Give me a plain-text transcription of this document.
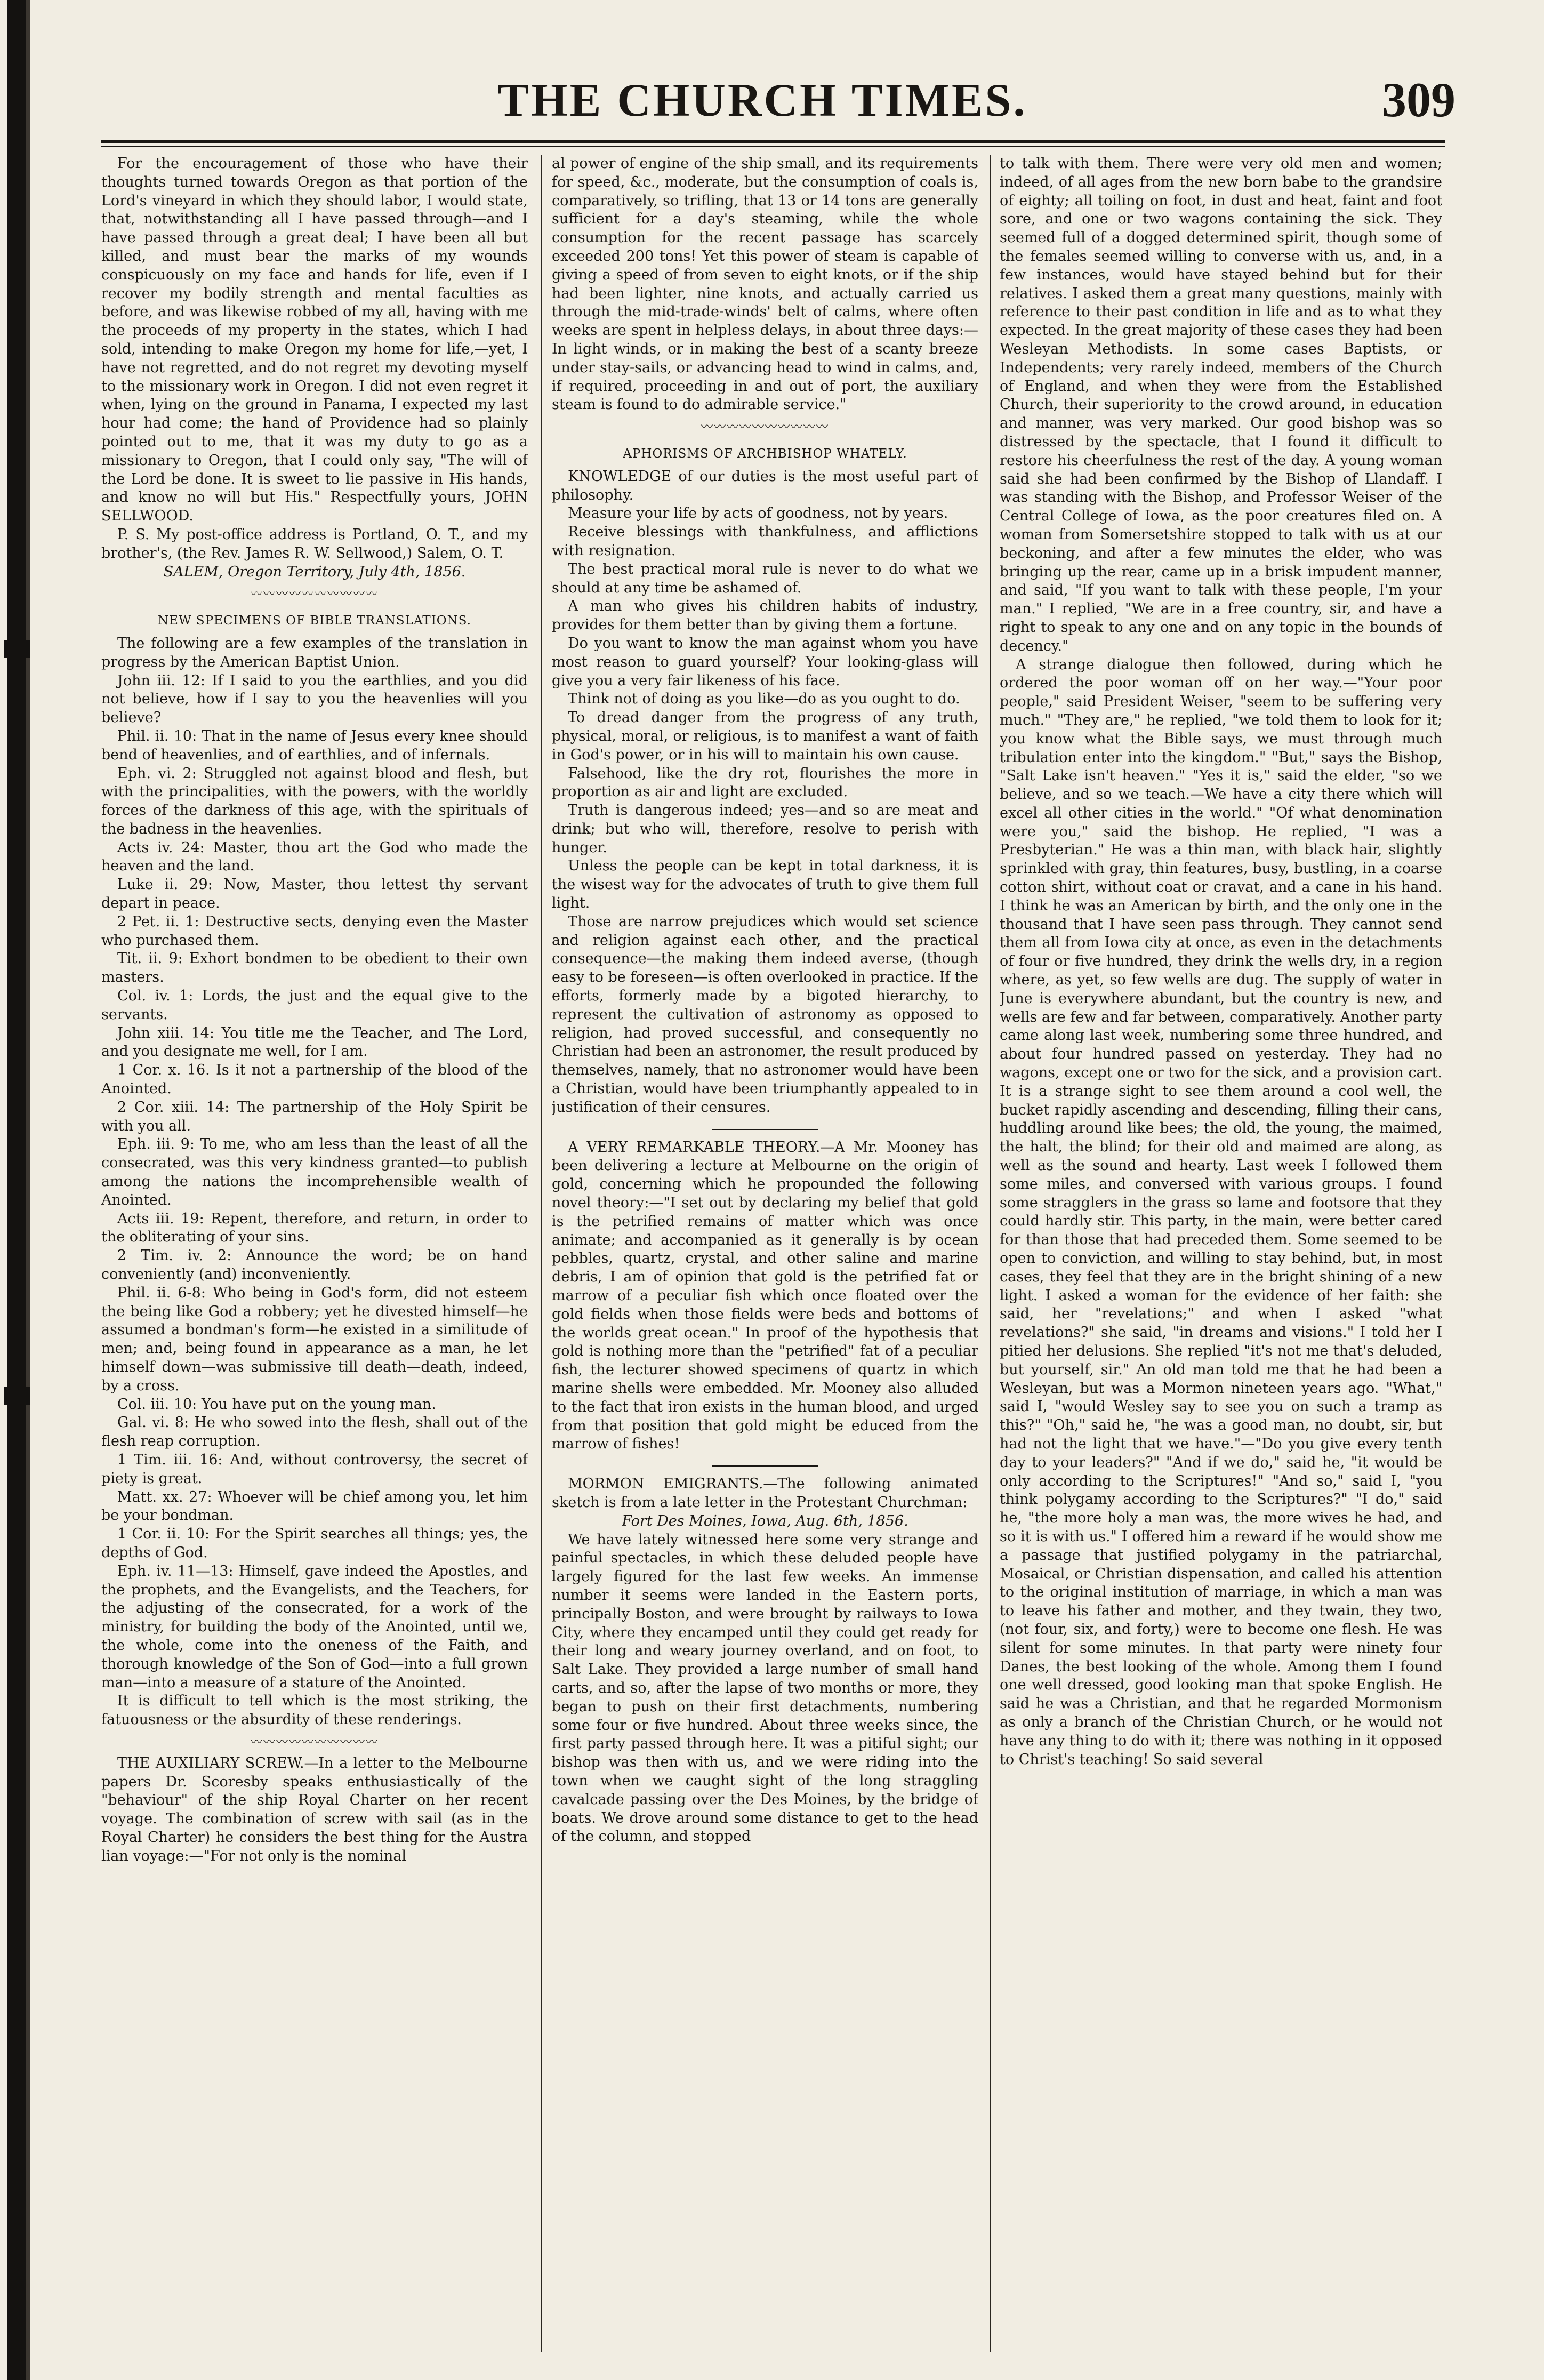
THE CHURCH TIMES.	309

For the encouragement of those who have their thoughts turned towards Oregon as that portion of the Lord's vineyard in which they should labor, I would state, that, notwithstanding all I have passed through—and I have passed through a great deal; I have been all but killed, and must bear the marks of my wounds conspicuously on my face and hands for life, even if I recover my bodily strength and mental faculties as before, and was likewise robbed of my all, having with me the proceeds of my property in the states, which I had sold, intending to make Oregon my home for life,—yet, I have not regretted, and do not regret my devoting myself to the missionary work in Oregon. I did not even regret it when, lying on the ground in Panama, I expected my last hour had come; the hand of Providence had so plainly pointed out to me, that it was my duty to go as a missionary to Oregon, that I could only say, "The will of the Lord be done. It is sweet to lie passive in His hands, and know no will but His." Respectfully yours, JOHN SELLWOOD.

P. S. My post-office address is Portland, O. T., and my brother's, (the Rev. James R. W. Sellwood,) Salem, O. T.

SALEM, Oregon Territory, July 4th, 1856.

〰〰〰〰〰〰〰〰〰〰
NEW SPECIMENS OF BIBLE TRANSLATIONS.

The following are a few examples of the translation in progress by the American Baptist Union.

John iii. 12: If I said to you the earthlies, and you did not believe, how if I say to you the heavenlies will you believe?

Phil. ii. 10: That in the name of Jesus every knee should bend of heavenlies, and of earthlies, and of infernals.

Eph. vi. 2: Struggled not against blood and flesh, but with the principalities, with the powers, with the worldly forces of the darkness of this age, with the spirituals of the badness in the heavenlies.

Acts iv. 24: Master, thou art the God who made the heaven and the land.

Luke ii. 29: Now, Master, thou lettest thy servant depart in peace.

2 Pet. ii. 1: Destructive sects, denying even the Master who purchased them.

Tit. ii. 9: Exhort bondmen to be obedient to their own masters.

Col. iv. 1: Lords, the just and the equal give to the servants.

John xiii. 14: You title me the Teacher, and The Lord, and you designate me well, for I am.

1 Cor. x. 16. Is it not a partnership of the blood of the Anointed.

2 Cor. xiii. 14: The partnership of the Holy Spirit be with you all.

Eph. iii. 9: To me, who am less than the least of all the consecrated, was this very kindness granted—to publish among the nations the incomprehensible wealth of Anointed.

Acts iii. 19: Repent, therefore, and return, in order to the obliterating of your sins.

2 Tim. iv. 2: Announce the word; be on hand conveniently (and) inconveniently.

Phil. ii. 6-8: Who being in God's form, did not esteem the being like God a robbery; yet he divested himself—he assumed a bondman's form—he existed in a similitude of men; and, being found in appearance as a man, he let himself down—was submissive till death—death, indeed, by a cross.

Col. iii. 10: You have put on the young man.

Gal. vi. 8: He who sowed into the flesh, shall out of the flesh reap corruption.

1 Tim. iii. 16: And, without controversy, the secret of piety is great.

Matt. xx. 27: Whoever will be chief among you, let him be your bondman.

1 Cor. ii. 10: For the Spirit searches all things; yes, the depths of God.

Eph. iv. 11—13: Himself, gave indeed the Apostles, and the prophets, and the Evangelists, and the Teachers, for the adjusting of the consecrated, for a work of the ministry, for building the body of the Anointed, until we, the whole, come into the oneness of the Faith, and thorough knowledge of the Son of God—into a full grown man—into a measure of a stature of the Anointed.

It is difficult to tell which is the most striking, the fatuousness or the absurdity of these renderings.

〰〰〰〰〰〰〰〰〰〰

THE AUXILIARY SCREW.—In a letter to the Melbourne papers Dr. Scoresby speaks enthusiastically of the "behaviour" of the ship Royal Charter on her recent voyage. The combination of screw with sail (as in the Royal Charter) he considers the best thing for the Austra lian voyage:—"For not only is the nominal

al power of engine of the ship small, and its requirements for speed, &c., moderate, but the consumption of coals is, comparatively, so trifling, that 13 or 14 tons are generally sufficient for a day's steaming, while the whole consumption for the recent passage has scarcely exceeded 200 tons! Yet this power of steam is capable of giving a speed of from seven to eight knots, or if the ship had been lighter, nine knots, and actually carried us through the mid-trade-winds' belt of calms, where often weeks are spent in helpless delays, in about three days:—In light winds, or in making the best of a scanty breeze under stay-sails, or advancing head to wind in calms, and, if required, proceeding in and out of port, the auxiliary steam is found to do admirable service."

〰〰〰〰〰〰〰〰〰〰
APHORISMS OF ARCHBISHOP WHATELY.

KNOWLEDGE of our duties is the most useful part of philosophy.

Measure your life by acts of goodness, not by years.

Receive blessings with thankfulness, and afflictions with resignation.

The best practical moral rule is never to do what we should at any time be ashamed of.

A man who gives his children habits of industry, provides for them better than by giving them a fortune.

Do you want to know the man against whom you have most reason to guard yourself? Your looking-glass will give you a very fair likeness of his face.

Think not of doing as you like—do as you ought to do.

To dread danger from the progress of any truth, physical, moral, or religious, is to manifest a want of faith in God's power, or in his will to maintain his own cause.

Falsehood, like the dry rot, flourishes the more in proportion as air and light are excluded.

Truth is dangerous indeed; yes—and so are meat and drink; but who will, therefore, resolve to perish with hunger.

Unless the people can be kept in total darkness, it is the wisest way for the advocates of truth to give them full light.

Those are narrow prejudices which would set science and religion against each other, and the practical consequence—the making them indeed averse, (though easy to be foreseen—is often overlooked in practice. If the efforts, formerly made by a bigoted hierarchy, to represent the cultivation of astronomy as opposed to religion, had proved successful, and consequently no Christian had been an astronomer, the result produced by themselves, namely, that no astronomer would have been a Christian, would have been triumphantly appealed to in justification of their censures.

A VERY REMARKABLE THEORY.—A Mr. Mooney has been delivering a lecture at Melbourne on the origin of gold, concerning which he propounded the following novel theory:—"I set out by declaring my belief that gold is the petrified remains of matter which was once animate; and accompanied as it generally is by ocean pebbles, quartz, crystal, and other saline and marine debris, I am of opinion that gold is the petrified fat or marrow of a peculiar fish which once floated over the gold fields when those fields were beds and bottoms of the worlds great ocean." In proof of the hypothesis that gold is nothing more than the "petrified" fat of a peculiar fish, the lecturer showed specimens of quartz in which marine shells were embedded. Mr. Mooney also alluded to the fact that iron exists in the human blood, and urged from that position that gold might be educed from the marrow of fishes!

MORMON EMIGRANTS.—The following animated sketch is from a late letter in the Protestant Churchman:

Fort Des Moines, Iowa, Aug. 6th, 1856.

We have lately witnessed here some very strange and painful spectacles, in which these deluded people have largely figured for the last few weeks. An immense number it seems were landed in the Eastern ports, principally Boston, and were brought by railways to Iowa City, where they encamped until they could get ready for their long and weary journey overland, and on foot, to Salt Lake. They provided a large number of small hand carts, and so, after the lapse of two months or more, they began to push on their first detachments, numbering some four or five hundred. About three weeks since, the first party passed through here. It was a pitiful sight; our bishop was then with us, and we were riding into the town when we caught sight of the long straggling cavalcade passing over the Des Moines, by the bridge of boats. We drove around some distance to get to the head of the column, and stopped

to talk with them. There were very old men and women; indeed, of all ages from the new born babe to the grandsire of eighty; all toiling on foot, in dust and heat, faint and foot sore, and one or two wagons containing the sick. They seemed full of a dogged determined spirit, though some of the females seemed willing to converse with us, and, in a few instances, would have stayed behind but for their relatives. I asked them a great many questions, mainly with reference to their past condition in life and as to what they expected. In the great majority of these cases they had been Wesleyan Methodists. In some cases Baptists, or Independents; very rarely indeed, members of the Church of England, and when they were from the Established Church, their superiority to the crowd around, in education and manner, was very marked. Our good bishop was so distressed by the spectacle, that I found it difficult to restore his cheerfulness the rest of the day. A young woman said she had been confirmed by the Bishop of Llandaff. I was standing with the Bishop, and Professor Weiser of the Central College of Iowa, as the poor creatures filed on. A woman from Somersetshire stopped to talk with us at our beckoning, and after a few minutes the elder, who was bringing up the rear, came up in a brisk impudent manner, and said, "If you want to talk with these people, I'm your man." I replied, "We are in a free country, sir, and have a right to speak to any one and on any topic in the bounds of decency."

A strange dialogue then followed, during which he ordered the poor woman off on her way.—"Your poor people," said President Weiser, "seem to be suffering very much." "They are," he replied, "we told them to look for it; you know what the Bible says, we must through much tribulation enter into the kingdom." "But," says the Bishop, "Salt Lake isn't heaven." "Yes it is," said the elder, "so we believe, and so we teach.—We have a city there which will excel all other cities in the world." "Of what denomination were you," said the bishop. He replied, "I was a Presbyterian." He was a thin man, with black hair, slightly sprinkled with gray, thin features, busy, bustling, in a coarse cotton shirt, without coat or cravat, and a cane in his hand. I think he was an American by birth, and the only one in the thousand that I have seen pass through. They cannot send them all from Iowa city at once, as even in the detachments of four or five hundred, they drink the wells dry, in a region where, as yet, so few wells are dug. The supply of water in June is everywhere abundant, but the country is new, and wells are few and far between, comparatively. Another party came along last week, numbering some three hundred, and about four hundred passed on yesterday. They had no wagons, except one or two for the sick, and a provision cart. It is a strange sight to see them around a cool well, the bucket rapidly ascending and descending, filling their cans, huddling around like bees; the old, the young, the maimed, the halt, the blind; for their old and maimed are along, as well as the sound and hearty. Last week I followed them some miles, and conversed with various groups. I found some stragglers in the grass so lame and footsore that they could hardly stir. This party, in the main, were better cared for than those that had preceded them. Some seemed to be open to conviction, and willing to stay behind, but, in most cases, they feel that they are in the bright shining of a new light. I asked a woman for the evidence of her faith: she said, her "revelations;" and when I asked "what revelations?" she said, "in dreams and visions." I told her I pitied her delusions. She replied "it's not me that's deluded, but yourself, sir." An old man told me that he had been a Wesleyan, but was a Mormon nineteen years ago. "What," said I, "would Wesley say to see you on such a tramp as this?" "Oh," said he, "he was a good man, no doubt, sir, but had not the light that we have."—"Do you give every tenth day to your leaders?" "And if we do," said he, "it would be only according to the Scriptures!" "And so," said I, "you think polygamy according to the Scriptures?" "I do," said he, "the more holy a man was, the more wives he had, and so it is with us." I offered him a reward if he would show me a passage that justified polygamy in the patriarchal, Mosaical, or Christian dispensation, and called his attention to the original institution of marriage, in which a man was to leave his father and mother, and they twain, they two, (not four, six, and forty,) were to become one flesh. He was silent for some minutes. In that party were ninety four Danes, the best looking of the whole. Among them I found one well dressed, good looking man that spoke English. He said he was a Christian, and that he regarded Mormonism as only a branch of the Christian Church, or he would not have any thing to do with it; there was nothing in it opposed to Christ's teaching! So said several
